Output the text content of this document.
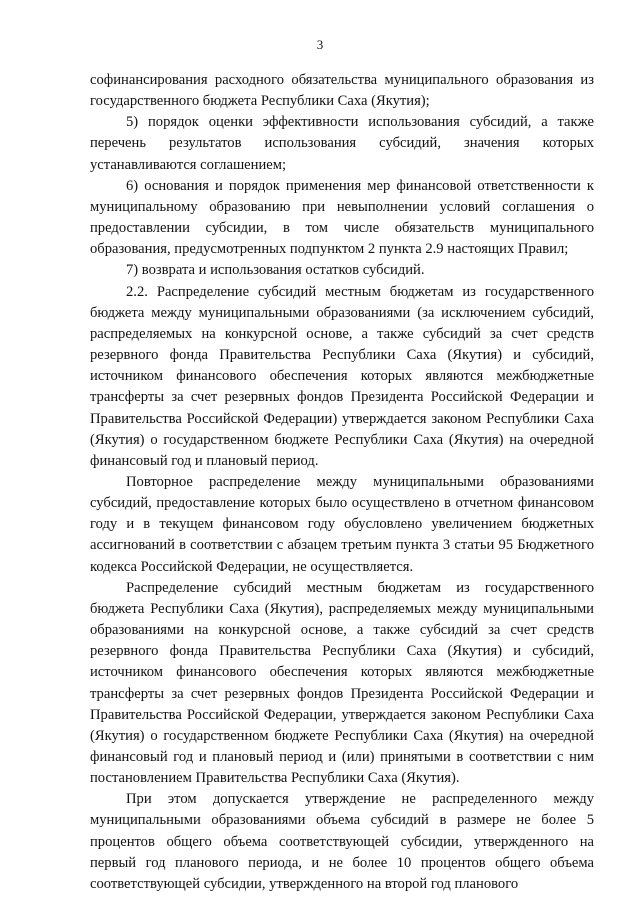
3

софинансирования расходного обязательства муниципального образования из государственного бюджета Республики Саха (Якутия);

5) порядок оценки эффективности использования субсидий, а также перечень результатов использования субсидий, значения которых устанавливаются соглашением;

6) основания и порядок применения мер финансовой ответственности к муниципальному образованию при невыполнении условий соглашения о предоставлении субсидии, в том числе обязательств муниципального образования, предусмотренных подпунктом 2 пункта 2.9 настоящих Правил;

7) возврата и использования остатков субсидий.

2.2. Распределение субсидий местным бюджетам из государственного бюджета между муниципальными образованиями (за исключением субсидий, распределяемых на конкурсной основе, а также субсидий за счет средств резервного фонда Правительства Республики Саха (Якутия) и субсидий, источником финансового обеспечения которых являются межбюджетные трансферты за счет резервных фондов Президента Российской Федерации и Правительства Российской Федерации) утверждается законом Республики Саха (Якутия) о государственном бюджете Республики Саха (Якутия) на очередной финансовый год и плановый период.

Повторное распределение между муниципальными образованиями субсидий, предоставление которых было осуществлено в отчетном финансовом году и в текущем финансовом году обусловлено увеличением бюджетных ассигнований в соответствии с абзацем третьим пункта 3 статьи 95 Бюджетного кодекса Российской Федерации, не осуществляется.

Распределение субсидий местным бюджетам из государственного бюджета Республики Саха (Якутия), распределяемых между муниципальными образованиями на конкурсной основе, а также субсидий за счет средств резервного фонда Правительства Республики Саха (Якутия) и субсидий, источником финансового обеспечения которых являются межбюджетные трансферты за счет резервных фондов Президента Российской Федерации и Правительства Российской Федерации, утверждается законом Республики Саха (Якутия) о государственном бюджете Республики Саха (Якутия) на очередной финансовый год и плановый период и (или) принятыми в соответствии с ним постановлением Правительства Республики Саха (Якутия).

При этом допускается утверждение не распределенного между муниципальными образованиями объема субсидий в размере не более 5 процентов общего объема соответствующей субсидии, утвержденного на первый год планового периода, и не более 10 процентов общего объема соответствующей субсидии, утвержденного на второй год планового
